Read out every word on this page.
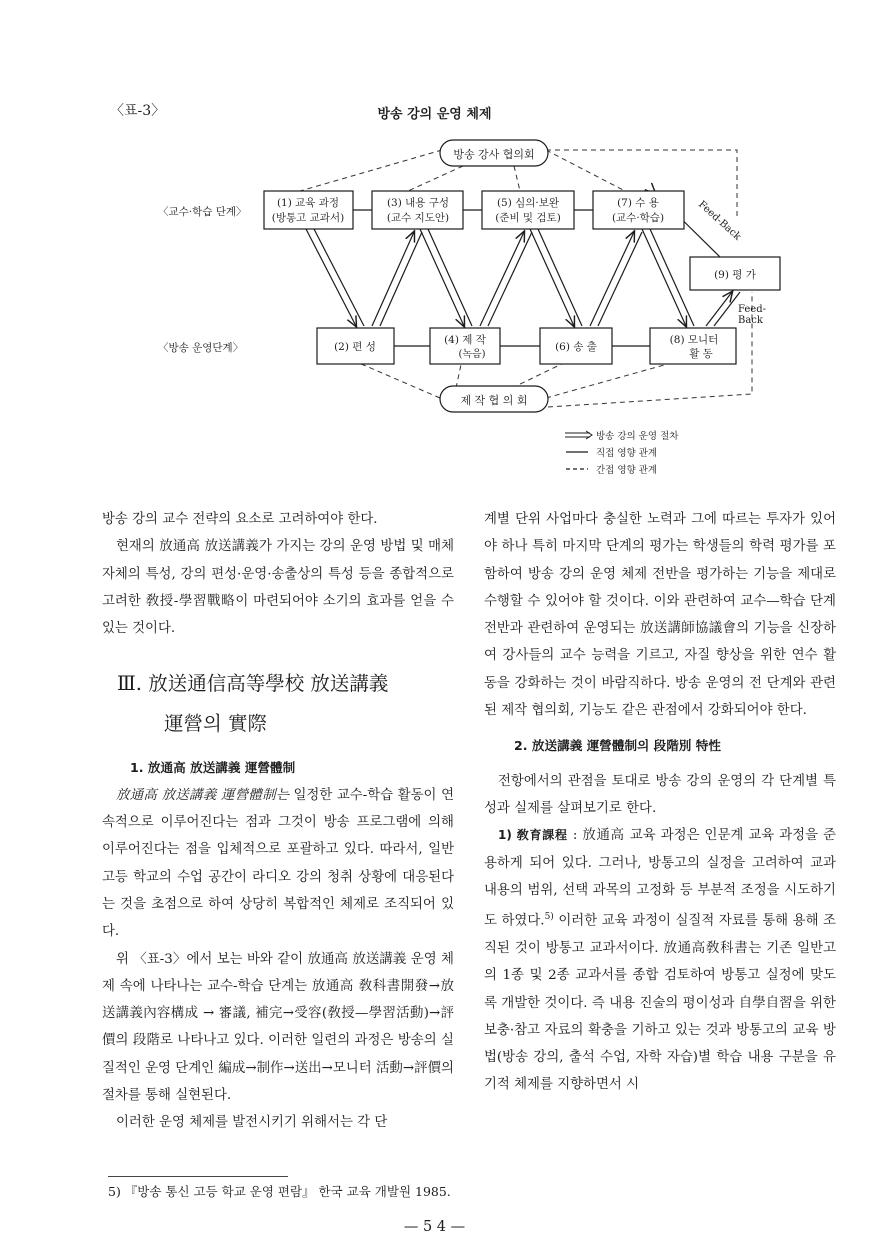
〈표-3〉	방송 강의 운영 체제
방송 강사 협의회
제 작 협 의 회
〈교수·학습 단계〉
〈방송 운영단계〉
(1) 교육 과정
(방통고 교과서)
(3) 내용 구성
(교수 지도안)
(5) 심의·보완
(준비 및 검토)
(7) 수 용
(교수·학습)
(2) 편 성
(4) 제 작
(녹음)
(6) 송 출
(8) 모니터
활 동
(9) 평 가
Feed-Back
Feed-
Back
방송 강의 운영 절차
직접 영향 관계
간접 영향 관계

방송 강의 교수 전략의 요소로 고려하여야 한다.

현재의 放通高 放送講義가 가지는 강의 운영 방법 및 매체 자체의 특성, 강의 편성·운영·송출상의 특성 등을 종합적으로 고려한 敎授-學習戰略이 마련되어야 소기의 효과를 얻을 수 있는 것이다.

Ⅲ. 放送通信高等學校 放送講義

運營의 實際

1. 放通高 放送講義 運營體制

放通高 放送講義 運營體制는 일정한 교수-학습 활동이 연속적으로 이루어진다는 점과 그것이 방송 프로그램에 의해 이루어진다는 점을 입체적으로 포괄하고 있다. 따라서, 일반 고등 학교의 수업 공간이 라디오 강의 청취 상황에 대응된다는 것을 초점으로 하여 상당히 복합적인 체제로 조직되어 있다.

위 〈표-3〉에서 보는 바와 같이 放通高 放送講義 운영 체제 속에 나타나는 교수-학습 단계는 放通高 敎科書開發→放送講義內容構成 → 審議, 補完→受容(敎授—學習活動)→評價의 段階로 나타나고 있다. 이러한 일련의 과정은 방송의 실질적인 운영 단계인 編成→制作→送出→모니터 活動→評價의 절차를 통해 실현된다.

이러한 운영 체제를 발전시키기 위해서는 각 단

계별 단위 사업마다 충실한 노력과 그에 따르는 투자가 있어야 하나 특히 마지막 단계의 평가는 학생들의 학력 평가를 포함하여 방송 강의 운영 체제 전반을 평가하는 기능을 제대로 수행할 수 있어야 할 것이다. 이와 관련하여 교수—학습 단계 전반과 관련하여 운영되는 放送講師協議會의 기능을 신장하여 강사들의 교수 능력을 기르고, 자질 향상을 위한 연수 활동을 강화하는 것이 바람직하다. 방송 운영의 전 단계와 관련된 제작 협의회, 기능도 같은 관점에서 강화되어야 한다.

2. 放送講義 運營體制의 段階別 特性

전항에서의 관점을 토대로 방송 강의 운영의 각 단계별 특성과 실제를 살펴보기로 한다.

1) 敎育課程 : 放通高 교육 과정은 인문계 교육 과정을 준용하게 되어 있다. 그러나, 방통고의 실정을 고려하여 교과 내용의 범위, 선택 과목의 고정화 등 부분적 조정을 시도하기도 하였다.$^{5)}$ 이러한 교육 과정이 실질적 자료를 통해 용해 조직된 것이 방통고 교과서이다. 放通高敎科書는 기존 일반고의 1종 및 2종 교과서를 종합 검토하여 방통고 실정에 맞도록 개발한 것이다. 즉 내용 진술의 평이성과 自學自習을 위한 보충·참고 자료의 확충을 기하고 있는 것과 방통고의 교육 방법(방송 강의, 출석 수업, 자학 자습)별 학습 내용 구분을 유기적 체제를 지향하면서 시

5) 『방송 통신 고등 학교 운영 편람』 한국 교육 개발원 1985.
— 5 4 —
